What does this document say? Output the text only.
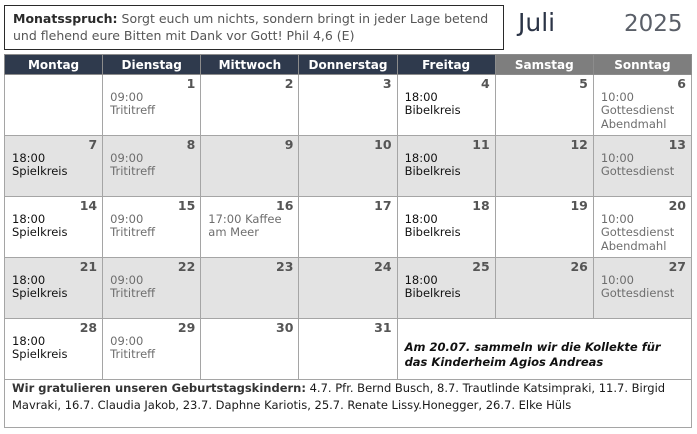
Monatsspruch: Sorgt euch um nichts, sondern bringt in jeder Lage betend und flehend eure Bitten mit Dank vor Gott! Phil 4,6 (E)	Juli	2025
Montag	Dienstag	Mittwoch	Donnerstag	Freitag	Samstag	Sonntag

	1
09:00
Trititreff	2	3	4
18:00
Bibelkreis	5	6
10:00
Gottesdienst
Abendmahl

7
18:00
Spielkreis	8
09:00
Trititreff	9	10	11
18:00
Bibelkreis	12	13
10:00
Gottesdienst

14
18:00
Spielkreis	15
09:00
Trititreff	16
17:00 Kaffee
am Meer	17	18
18:00
Bibelkreis	19	20
10:00
Gottesdienst
Abendmahl

21
18:00
Spielkreis	22
09:00
Trititreff	23	24	25
18:00
Bibelkreis	26	27
10:00
Gottesdienst

28
18:00
Spielkreis	29
09:00
Trititreff	30	31	Am 20.07. sammeln wir die Kollekte für das Kinderheim Agios Andreas		
Wir gratulieren unseren Geburtstagskindern: 4.7. Pfr. Bernd Busch, 8.7. Trautlinde Katsimpraki, 11.7. Birgid Mavraki, 16.7. Claudia Jakob, 23.7. Daphne Kariotis, 25.7. Renate Lissy.Honegger, 26.7. Elke Hüls
